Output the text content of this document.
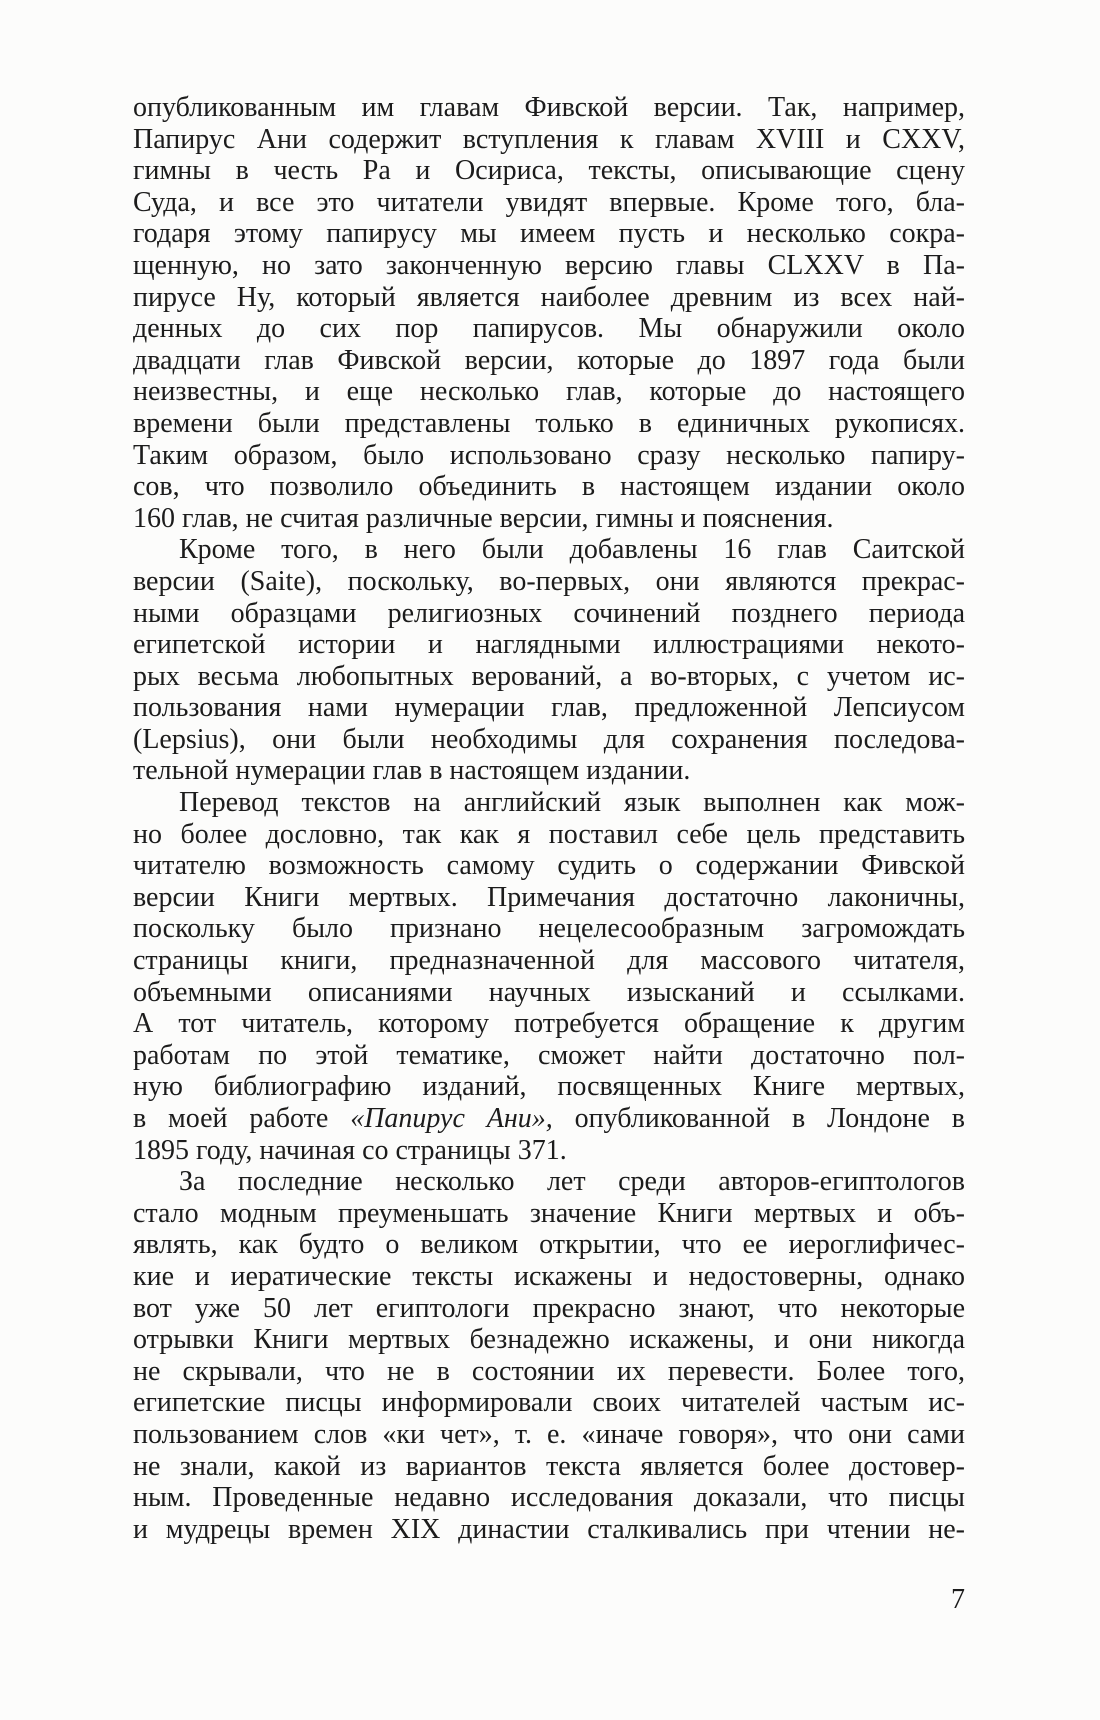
опубликованным им главам Фивской версии. Так, например,
Папирус Ани содержит вступления к главам XVIII и CXXV,
гимны в честь Ра и Осириса, тексты, описывающие сцену
Суда, и все это читатели увидят впервые. Кроме того, бла-
годаря этому папирусу мы имеем пусть и несколько сокра-
щенную, но зато законченную версию главы CLXXV в Па-
пирусе Ну, который является наиболее древним из всех най-
денных до сих пор папирусов. Мы обнаружили около
двадцати глав Фивской версии, которые до 1897 года были
неизвестны, и еще несколько глав, которые до настоящего
времени были представлены только в единичных рукописях.
Таким образом, было использовано сразу несколько папиру-
сов, что позволило объединить в настоящем издании около
160 глав, не считая различные версии, гимны и пояснения.
Кроме того, в него были добавлены 16 глав Саитской
версии (Saite), поскольку, во-первых, они являются прекрас-
ными образцами религиозных сочинений позднего периода
египетской истории и наглядными иллюстрациями некото-
рых весьма любопытных верований, а во-вторых, с учетом ис-
пользования нами нумерации глав, предложенной Лепсиусом
(Lepsius), они были необходимы для сохранения последова-
тельной нумерации глав в настоящем издании.
Перевод текстов на английский язык выполнен как мож-
но более дословно, так как я поставил себе цель представить
читателю возможность самому судить о содержании Фивской
версии Книги мертвых. Примечания достаточно лаконичны,
поскольку было признано нецелесообразным загромождать
страницы книги, предназначенной для массового читателя,
объемными описаниями научных изысканий и ссылками.
А тот читатель, которому потребуется обращение к другим
работам по этой тематике, сможет найти достаточно пол-
ную библиографию изданий, посвященных Книге мертвых,
в моей работе «Папирус Ани», опубликованной в Лондоне в
1895 году, начиная со страницы 371.
За последние несколько лет среди авторов-египтологов
стало модным преуменьшать значение Книги мертвых и объ-
являть, как будто о великом открытии, что ее иероглифичес-
кие и иератические тексты искажены и недостоверны, однако
вот уже 50 лет египтологи прекрасно знают, что некоторые
отрывки Книги мертвых безнадежно искажены, и они никогда
не скрывали, что не в состоянии их перевести. Более того,
египетские писцы информировали своих читателей частым ис-
пользованием слов «ки чет», т. е. «иначе говоря», что они сами
не знали, какой из вариантов текста является более достовер-
ным. Проведенные недавно исследования доказали, что писцы
и мудрецы времен XIX династии сталкивались при чтении не-
7
